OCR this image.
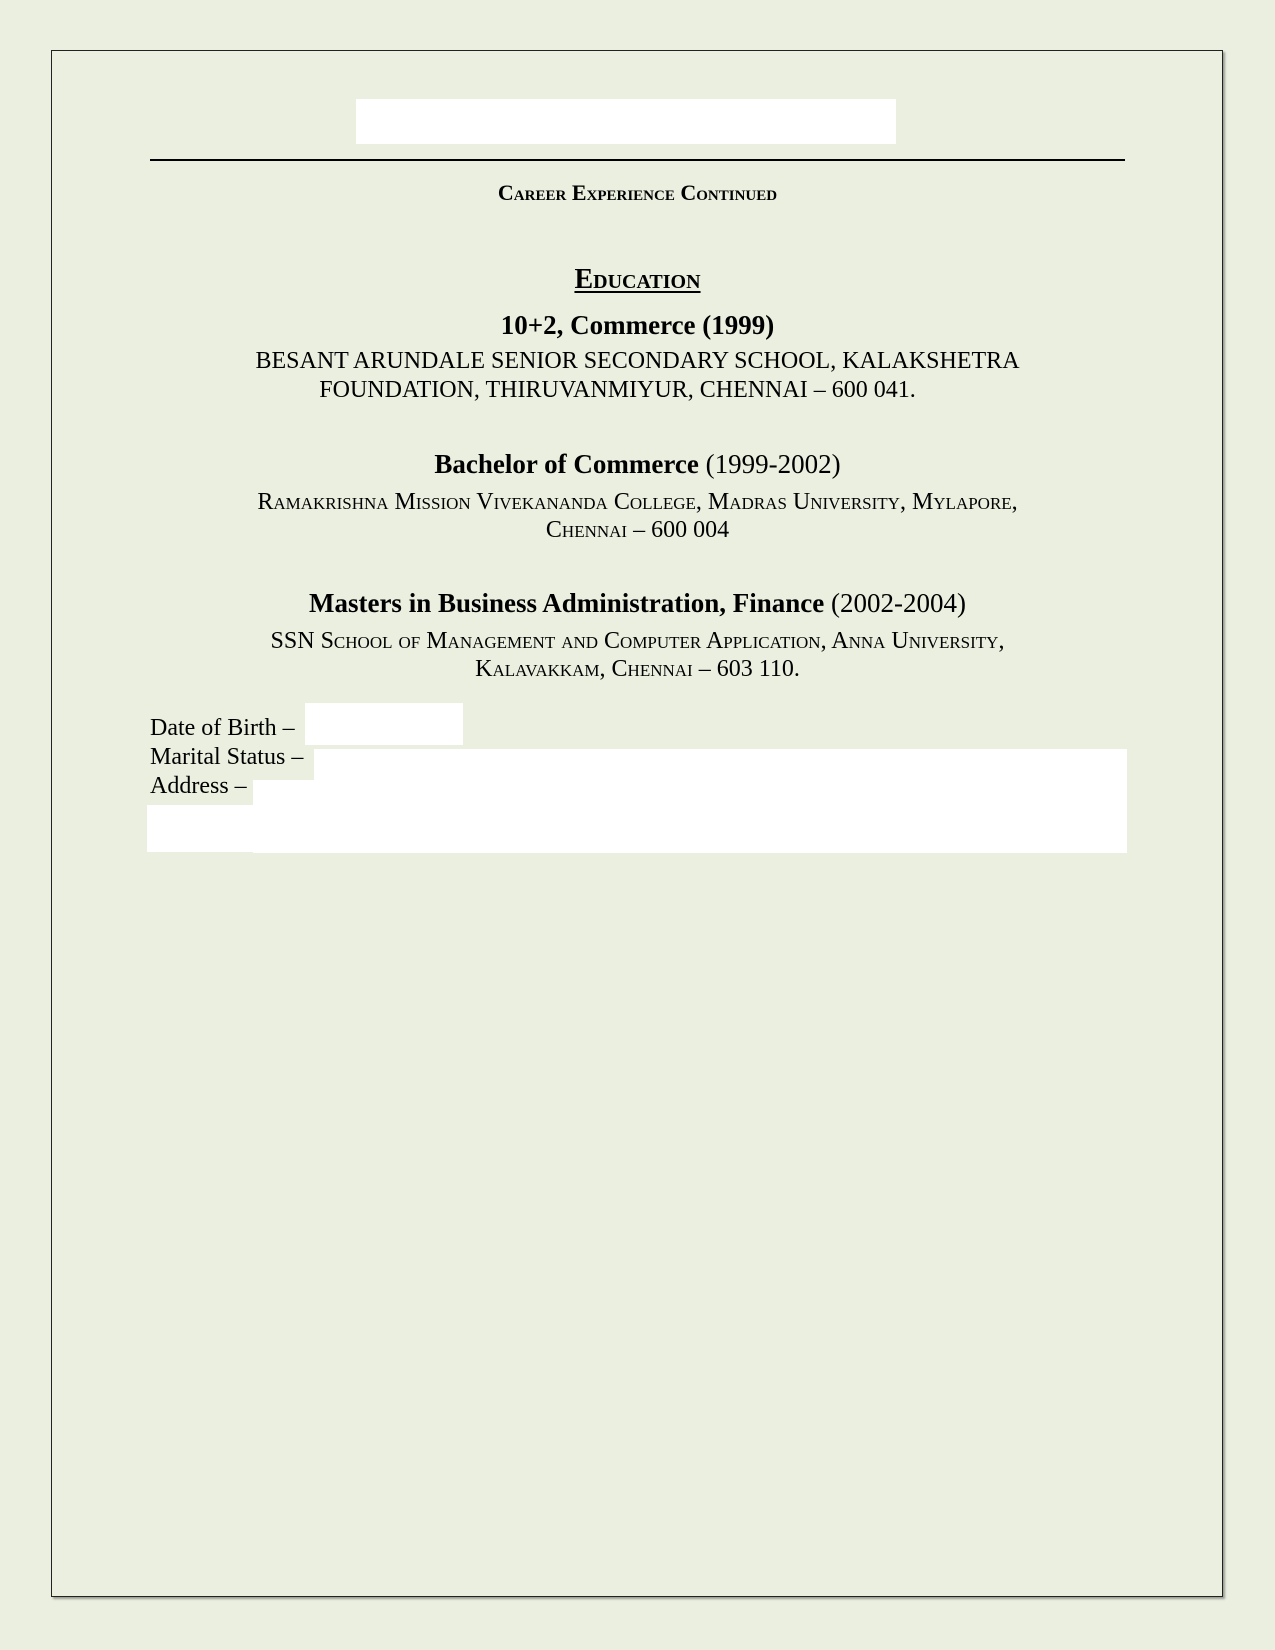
Career Experience Continued
Education
10+2, Commerce (1999)
BESANT ARUNDALE SENIOR SECONDARY SCHOOL, KALAKSHETRA
FOUNDATION, THIRUVANMIYUR, CHENNAI – 600 041.
Bachelor of Commerce (1999-2002)
Ramakrishna Mission Vivekananda College, Madras University, Mylapore,
Chennai – 600 004
Masters in Business Administration, Finance (2002-2004)
SSN School of Management and Computer Application, Anna University,
Kalavakkam, Chennai – 603 110.
Date of Birth –
Marital Status –
Address –
